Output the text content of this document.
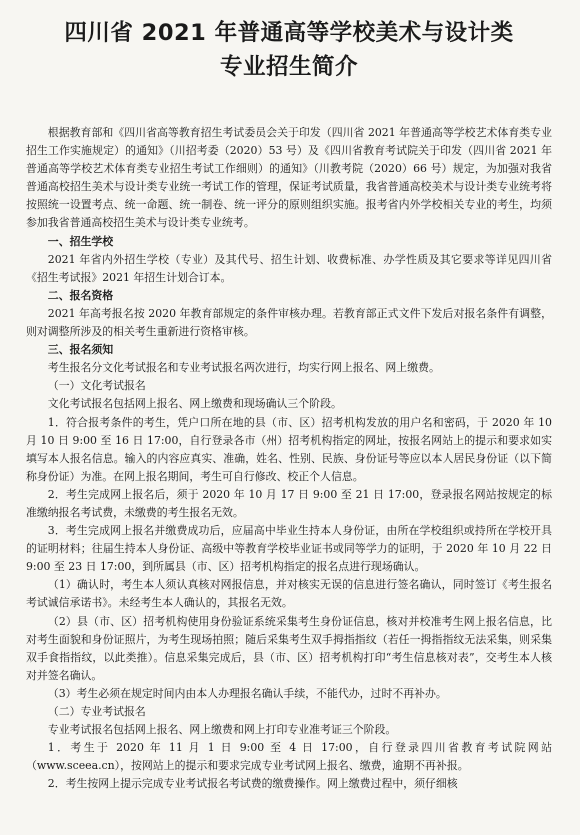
四川省 2021 年普通高等学校美术与设计类
专业招生简介

根据教育部和《四川省高等教育招生考试委员会关于印发（四川省 2021 年普通高等学校艺术体育类专业招生工作实施规定）的通知》（川招考委（2020）53 号）及《四川省教育考试院关于印发（四川省 2021 年普通高等学校艺术体育类专业招生考试工作细则）的通知》（川教考院（2020）66 号）规定，为加强对我省普通高校招生美术与设计类专业统一考试工作的管理，保证考试质量，我省普通高校美术与设计类专业统考将按照统一设置考点、统一命题、统一制卷、统一评分的原则组织实施。报考省内外学校相关专业的考生，均须参加我省普通高校招生美术与设计类专业统考。

一、招生学校

2021 年省内外招生学校（专业）及其代号、招生计划、收费标准、办学性质及其它要求等详见四川省《招生考试报》2021 年招生计划合订本。

二、报名资格

2021 年高考报名按 2020 年教育部规定的条件审核办理。若教育部正式文件下发后对报名条件有调整，则对调整所涉及的相关考生重新进行资格审核。

三、报名须知

考生报名分文化考试报名和专业考试报名两次进行，均实行网上报名、网上缴费。

（一）文化考试报名

文化考试报名包括网上报名、网上缴费和现场确认三个阶段。

1．符合报考条件的考生，凭户口所在地的县（市、区）招考机构发放的用户名和密码，于 2020 年 10 月 10 日 9:00 至 16 日 17:00，自行登录各市（州）招考机构指定的网址，按报名网站上的提示和要求如实填写本人报名信息。输入的内容应真实、准确，姓名、性别、民族、身份证号等应以本人居民身份证（以下简称身份证）为准。在网上报名期间，考生可自行修改、校正个人信息。

2．考生完成网上报名后，须于 2020 年 10 月 17 日 9:00 至 21 日 17:00，登录报名网站按规定的标准缴纳报名考试费，未缴费的考生报名无效。

3．考生完成网上报名并缴费成功后，应届高中毕业生持本人身份证，由所在学校组织或持所在学校开具的证明材料；往届生持本人身份证、高级中等教育学校毕业证书或同等学力的证明，于 2020 年 10 月 22 日 9:00 至 23 日 17:00，到所属县（市、区）招考机构指定的报名点进行现场确认。

（1）确认时，考生本人须认真核对网报信息，并对核实无误的信息进行签名确认，同时签订《考生报名考试诚信承诺书》。未经考生本人确认的，其报名无效。

（2）县（市、区）招考机构使用身份验证系统采集考生身份证信息，核对并校准考生网上报名信息，比对考生面貌和身份证照片，为考生现场拍照；随后采集考生双手拇指指纹（若任一拇指指纹无法采集，则采集双手食指指纹，以此类推）。信息采集完成后，县（市、区）招考机构打印“考生信息核对表”，交考生本人核对并签名确认。

（3）考生必须在规定时间内由本人办理报名确认手续，不能代办，过时不再补办。

（二）专业考试报名

专业考试报名包括网上报名、网上缴费和网上打印专业准考证三个阶段。

1．考生于 2020 年 11 月 1 日 9:00 至 4 日 17:00，自行登录四川省教育考试院网站（www.sceea.cn），按网站上的提示和要求完成专业考试网上报名、缴费，逾期不再补报。

2．考生按网上提示完成专业考试报名考试费的缴费操作。网上缴费过程中，须仔细核
